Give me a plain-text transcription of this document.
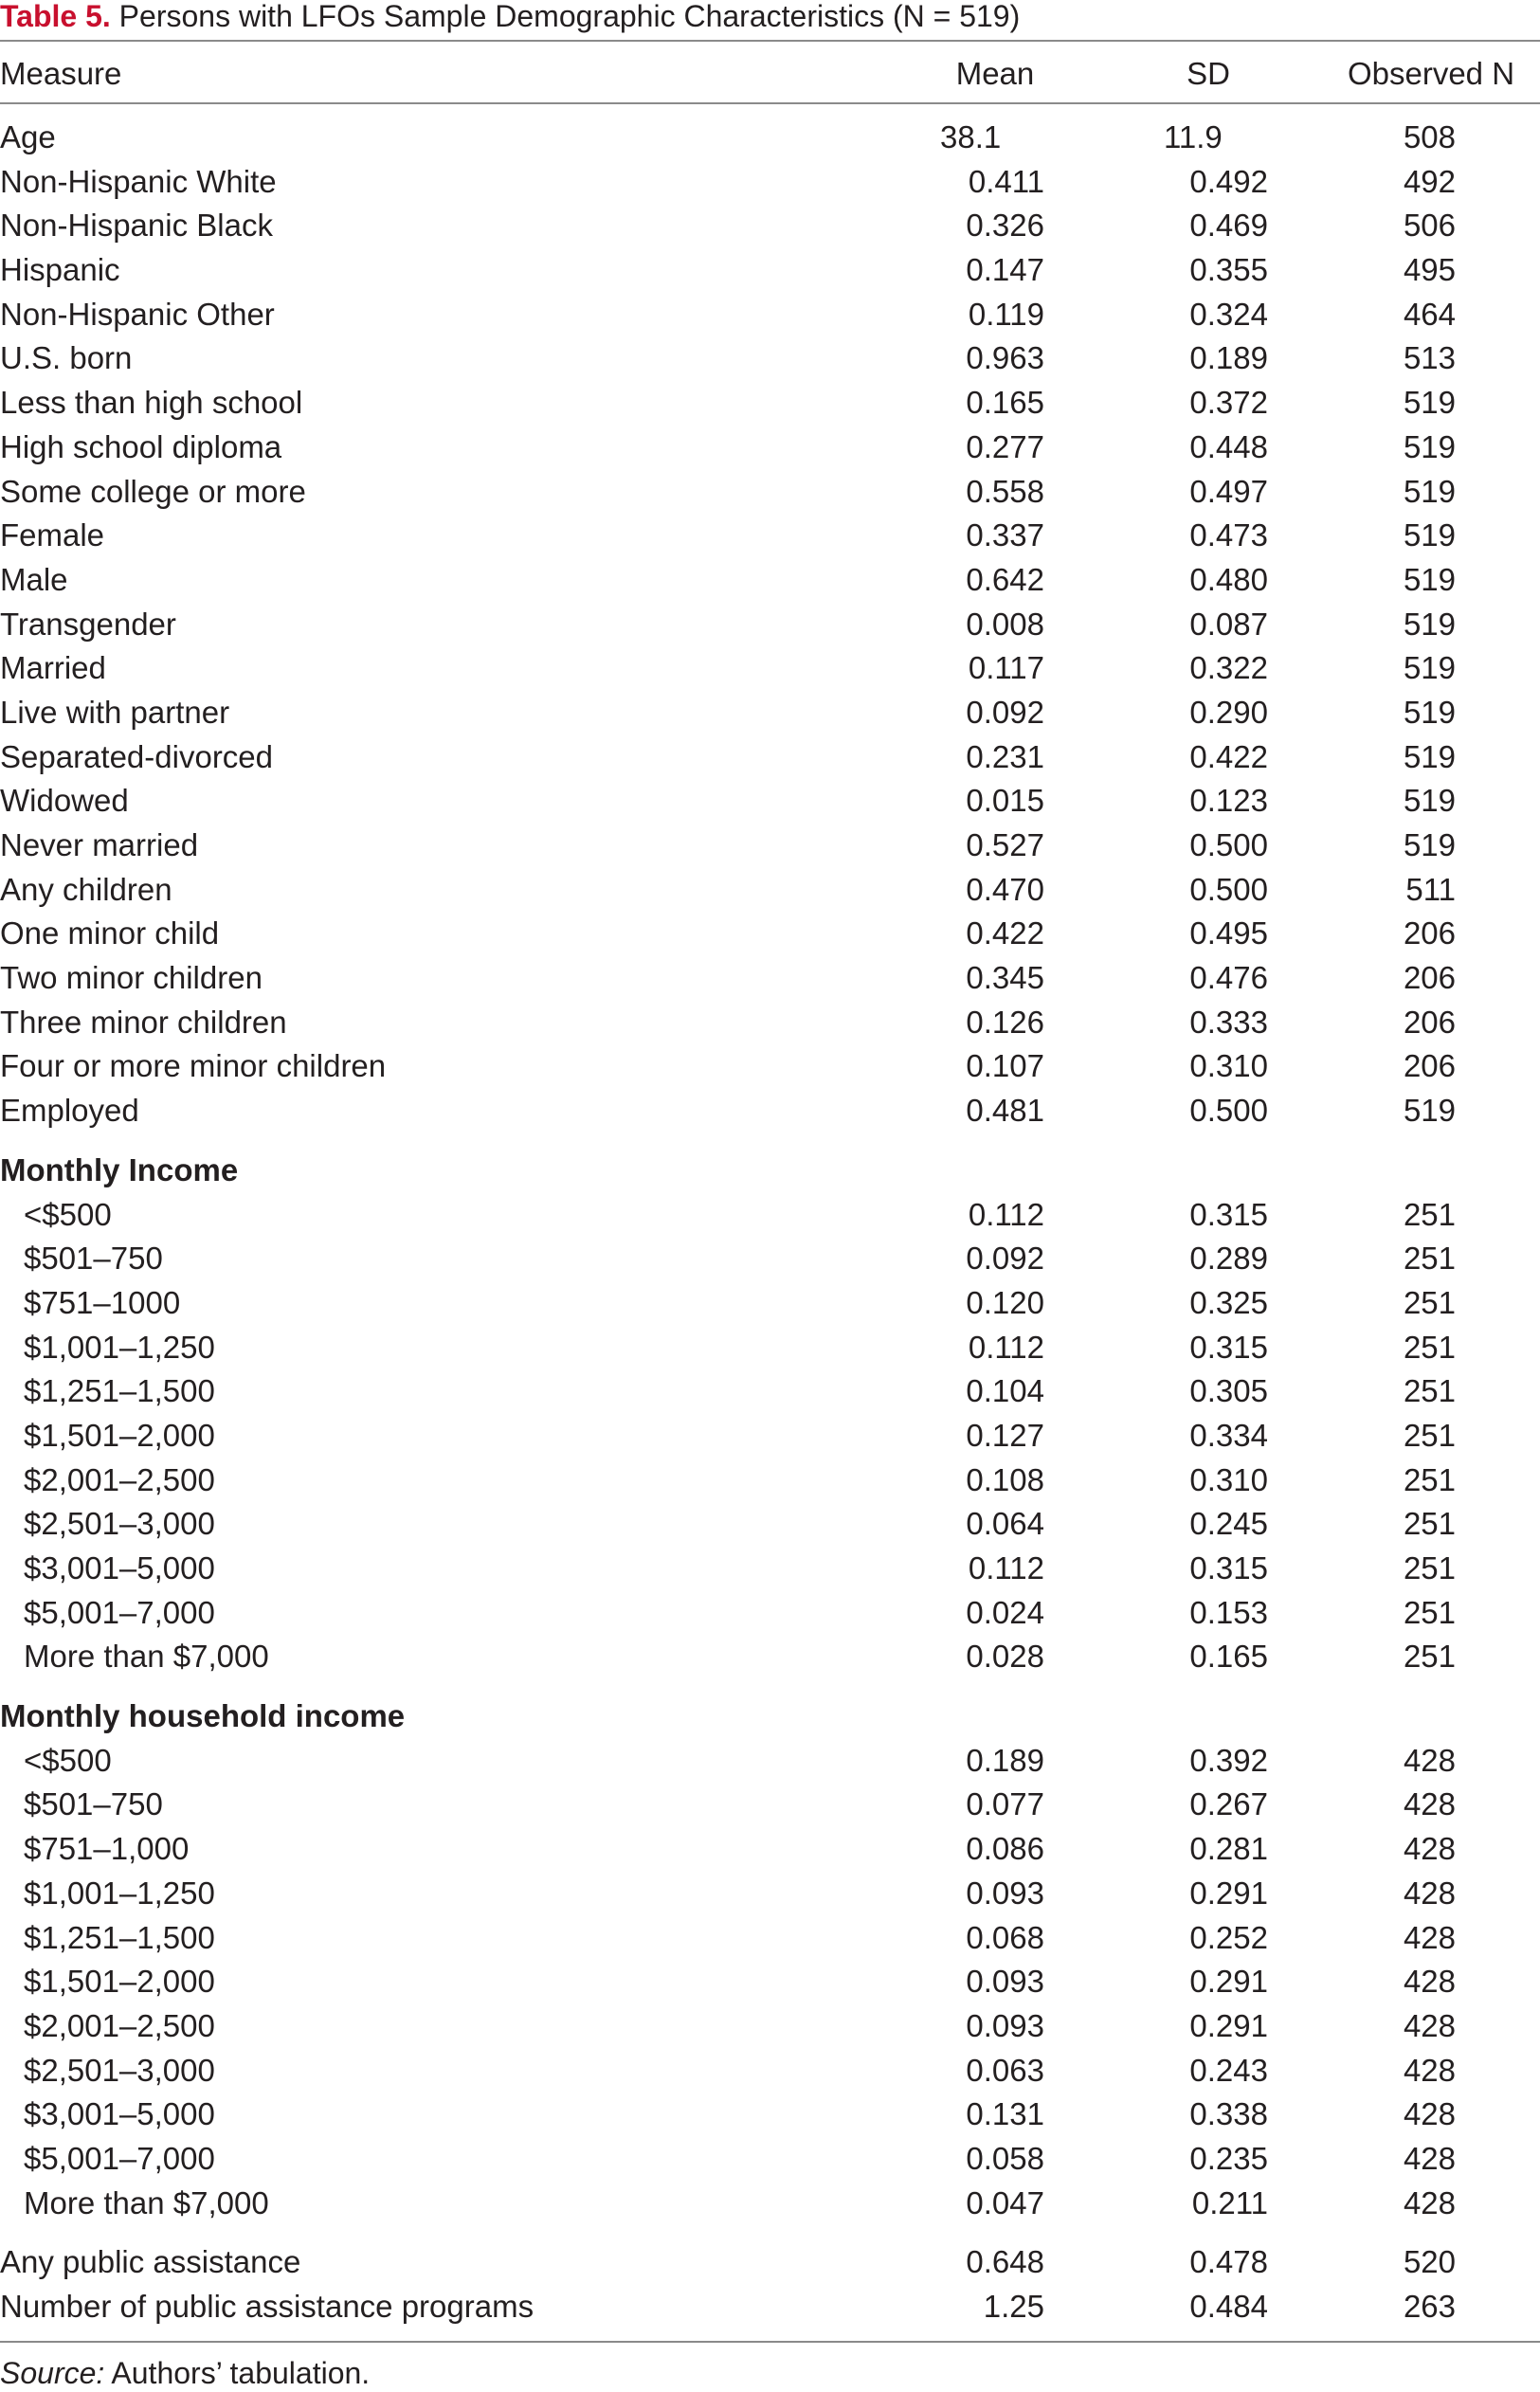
Table 5. Persons with LFOs Sample Demographic Characteristics (N = 519)
Measure	Mean	SD	Observed N
Age	38.1	11.9	508
Non-Hispanic White	0.411	0.492	492
Non-Hispanic Black	0.326	0.469	506
Hispanic	0.147	0.355	495
Non-Hispanic Other	0.119	0.324	464
U.S. born	0.963	0.189	513
Less than high school	0.165	0.372	519
High school diploma	0.277	0.448	519
Some college or more	0.558	0.497	519
Female	0.337	0.473	519
Male	0.642	0.480	519
Transgender	0.008	0.087	519
Married	0.117	0.322	519
Live with partner	0.092	0.290	519
Separated-divorced	0.231	0.422	519
Widowed	0.015	0.123	519
Never married	0.527	0.500	519
Any children	0.470	0.500	511
One minor child	0.422	0.495	206
Two minor children	0.345	0.476	206
Three minor children	0.126	0.333	206
Four or more minor children	0.107	0.310	206
Employed	0.481	0.500	519
Monthly Income
<$500	0.112	0.315	251
$501–750	0.092	0.289	251
$751–1000	0.120	0.325	251
$1,001–1,250	0.112	0.315	251
$1,251–1,500	0.104	0.305	251
$1,501–2,000	0.127	0.334	251
$2,001–2,500	0.108	0.310	251
$2,501–3,000	0.064	0.245	251
$3,001–5,000	0.112	0.315	251
$5,001–7,000	0.024	0.153	251
More than $7,000	0.028	0.165	251
Monthly household income
<$500	0.189	0.392	428
$501–750	0.077	0.267	428
$751–1,000	0.086	0.281	428
$1,001–1,250	0.093	0.291	428
$1,251–1,500	0.068	0.252	428
$1,501–2,000	0.093	0.291	428
$2,001–2,500	0.093	0.291	428
$2,501–3,000	0.063	0.243	428
$3,001–5,000	0.131	0.338	428
$5,001–7,000	0.058	0.235	428
More than $7,000	0.047	0.211	428
Any public assistance	0.648	0.478	520
Number of public assistance programs	1.25	0.484	263
Source: Authors’ tabulation.
